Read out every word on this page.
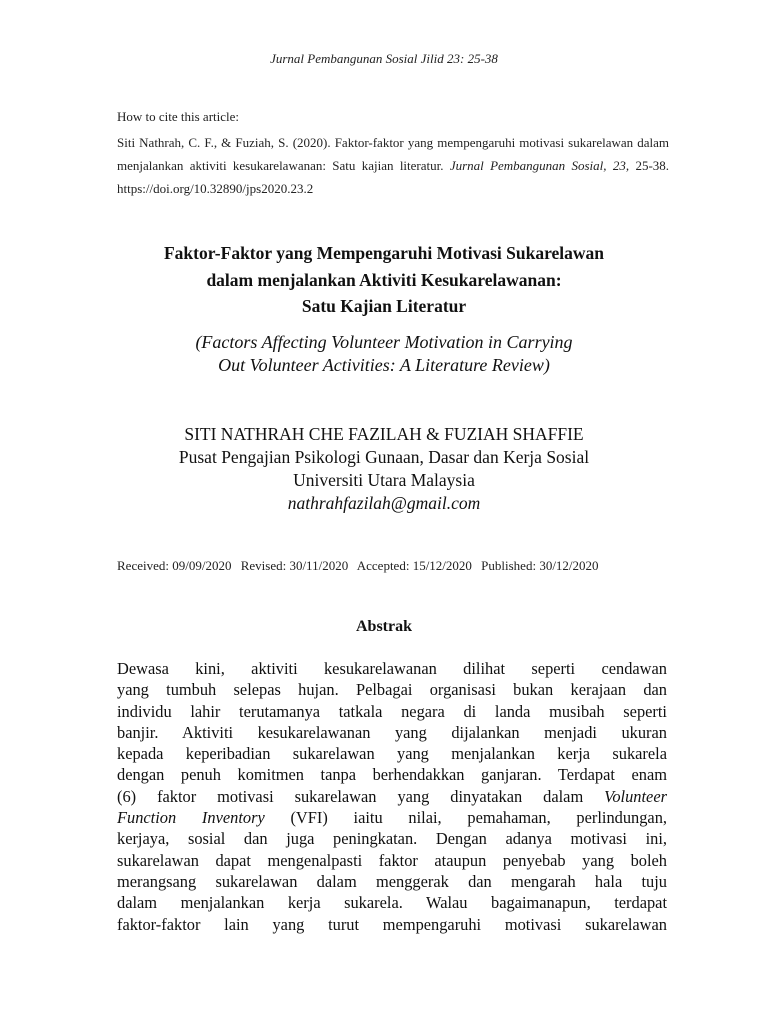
Jurnal Pembangunan Sosial Jilid 23: 25-38
How to cite this article:
Siti Nathrah, C. F., & Fuziah, S. (2020). Faktor-faktor yang mempengaruhi motivasi sukarelawan dalam menjalankan aktiviti kesukarelawanan: Satu kajian literatur. Jurnal Pembangunan Sosial, 23, 25-38. https://doi.org/10.32890/jps2020.23.2
Faktor-Faktor yang Mempengaruhi Motivasi Sukarelawan
dalam menjalankan Aktiviti Kesukarelawanan:
Satu Kajian Literatur
(Factors Affecting Volunteer Motivation in Carrying
Out Volunteer Activities: A Literature Review)
SITI NATHRAH CHE FAZILAH & FUZIAH SHAFFIE
Pusat Pengajian Psikologi Gunaan, Dasar dan Kerja Sosial
Universiti Utara Malaysia
nathrahfazilah@gmail.com
Received: 09/09/2020 Revised: 30/11/2020 Accepted: 15/12/2020 Published: 30/12/2020
Abstrak
Dewasa kini, aktiviti kesukarelawanan dilihat seperti cendawan
yang tumbuh selepas hujan. Pelbagai organisasi bukan kerajaan dan
individu lahir terutamanya tatkala negara di landa musibah seperti
banjir. Aktiviti kesukarelawanan yang dijalankan menjadi ukuran
kepada keperibadian sukarelawan yang menjalankan kerja sukarela
dengan penuh komitmen tanpa berhendakkan ganjaran. Terdapat enam
(6) faktor motivasi sukarelawan yang dinyatakan dalam Volunteer
Function Inventory (VFI) iaitu nilai, pemahaman, perlindungan,
kerjaya, sosial dan juga peningkatan. Dengan adanya motivasi ini,
sukarelawan dapat mengenalpasti faktor ataupun penyebab yang boleh
merangsang sukarelawan dalam menggerak dan mengarah hala tuju
dalam menjalankan kerja sukarela. Walau bagaimanapun, terdapat
faktor-faktor lain yang turut mempengaruhi motivasi sukarelawan
